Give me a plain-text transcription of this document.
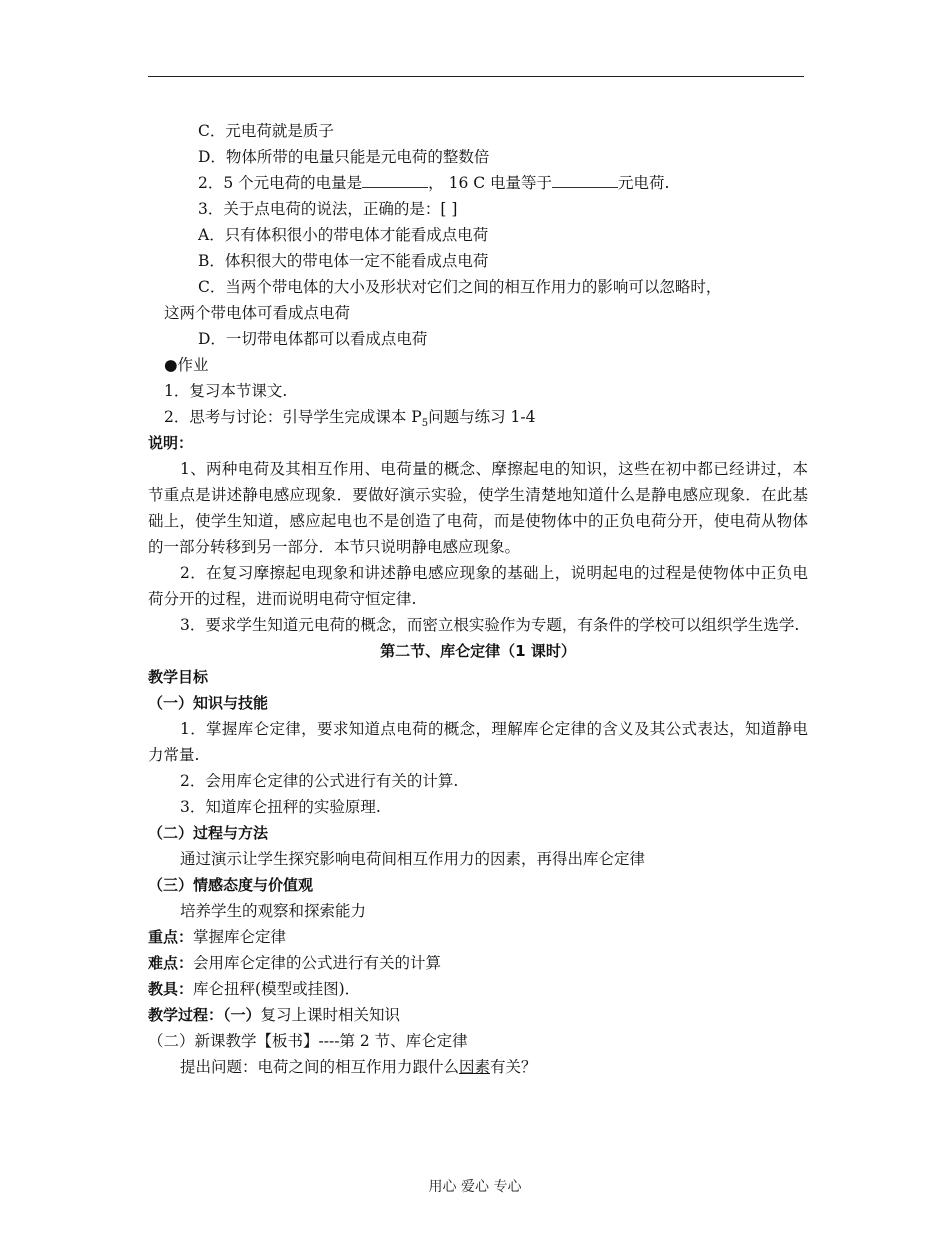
C．元电荷就是质子
D．物体所带的电量只能是元电荷的整数倍
2．5 个元电荷的电量是	， 16 C 电量等于	元电荷.
3．关于点电荷的说法，正确的是：[ ]
A．只有体积很小的带电体才能看成点电荷
B．体积很大的带电体一定不能看成点电荷
C．当两个带电体的大小及形状对它们之间的相互作用力的影响可以忽略时，
这两个带电体可看成点电荷
D．一切带电体都可以看成点电荷
●作业
1．复习本节课文.
2．思考与讨论：引导学生完成课本 $P_5$问题与练习 1-4
说明：
1、两种电荷及其相互作用、电荷量的概念、摩擦起电的知识，这些在初中都已经讲过，本节重点是讲述静电感应现象．要做好演示实验，使学生清楚地知道什么是静电感应现象．在此基础上，使学生知道，感应起电也不是创造了电荷，而是使物体中的正负电荷分开，使电荷从物体的一部分转移到另一部分．本节只说明静电感应现象。
2．在复习摩擦起电现象和讲述静电感应现象的基础上，说明起电的过程是使物体中正负电荷分开的过程，进而说明电荷守恒定律.
3．要求学生知道元电荷的概念，而密立根实验作为专题，有条件的学校可以组织学生选学.
第二节、库仑定律（1 课时）
教学目标
（一）知识与技能
1．掌握库仑定律，要求知道点电荷的概念，理解库仑定律的含义及其公式表达，知道静电力常量.
2．会用库仑定律的公式进行有关的计算.
3．知道库仑扭秤的实验原理.
（二）过程与方法
通过演示让学生探究影响电荷间相互作用力的因素，再得出库仑定律
（三）情感态度与价值观
培养学生的观察和探索能力
重点：掌握库仑定律
难点：会用库仑定律的公式进行有关的计算
教具：库仑扭秤(模型或挂图)．
教学过程：（一）复习上课时相关知识
（二）新课教学【板书】----第 2 节、库仑定律
提出问题：电荷之间的相互作用力跟什么因素有关？
用心 爱心 专心
